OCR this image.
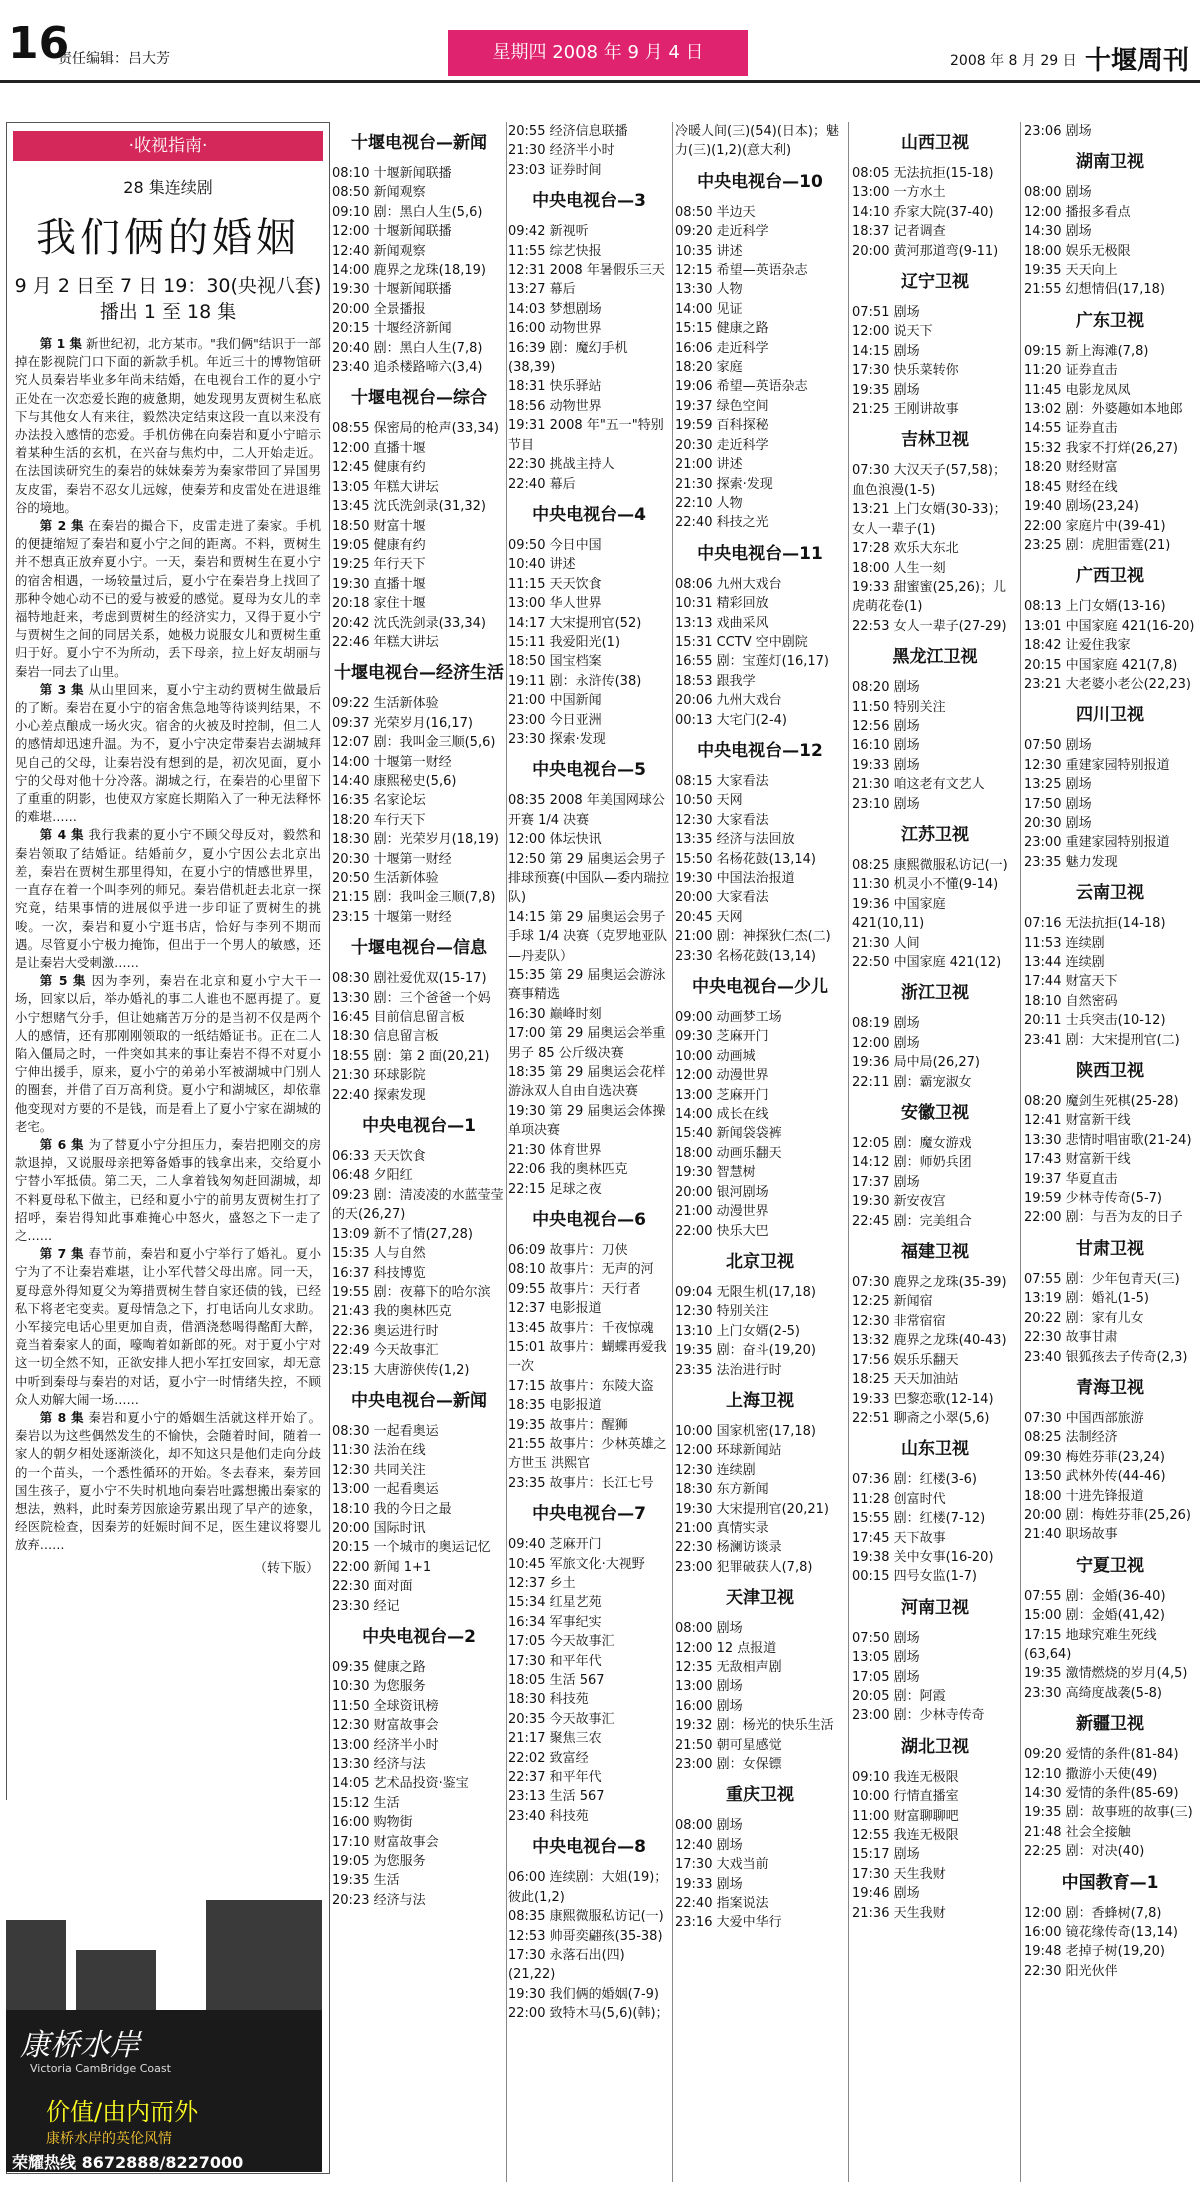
16
责任编辑：吕大芳	星期四 2008 年 9 月 4 日	2008 年 8 月 29 日 十堰周刊
·收视指南·
28 集连续剧
我们俩的婚姻
9 月 2 日至 7 日 19：30(央视八套)
播出 1 至 18 集

第 1 集 新世纪初，北方某市。"我们俩"结识于一部掉在影视院门口下面的新款手机。年近三十的博物馆研究人员秦岩毕业多年尚未结婚，在电视台工作的夏小宁正处在一次恋爱长跑的疲惫期，她发现男友贾树生私底下与其他女人有来往，毅然决定结束这段一直以来没有办法投入感情的恋爱。手机仿佛在向秦岩和夏小宁暗示着某种生活的玄机，在兴奋与焦灼中，二人开始走近。在法国读研究生的秦岩的妹妹秦芳为秦家带回了异国男友皮雷，秦岩不忍女儿远嫁，使秦芳和皮雷处在进退维谷的境地。

第 2 集 在秦岩的撮合下，皮雷走进了秦家。手机的便捷缩短了秦岩和夏小宁之间的距离。不料，贾树生并不想真正放弃夏小宁。一天，秦岩和贾树生在夏小宁的宿舍相遇，一场较量过后，夏小宁在秦岩身上找回了那种令她心动不已的爱与被爱的感觉。夏母为女儿的幸福特地赶来，考虑到贾树生的经济实力，又得于夏小宁与贾树生之间的同居关系，她极力说服女儿和贾树生重归于好。夏小宁不为所动，丢下母亲，拉上好友胡丽与秦岩一同去了山里。

第 3 集 从山里回来，夏小宁主动约贾树生做最后的了断。秦岩在夏小宁的宿舍焦急地等待谈判结果，不小心差点酿成一场火灾。宿舍的火被及时控制，但二人的感情却迅速升温。为不，夏小宁决定带秦岩去湖城拜见自己的父母，让秦岩没有想到的是，初次见面，夏小宁的父母对他十分冷落。湖城之行，在秦岩的心里留下了重重的阴影，也使双方家庭长期陷入了一种无法释怀的难堪……

第 4 集 我行我素的夏小宁不顾父母反对，毅然和秦岩领取了结婚证。结婚前夕，夏小宁因公去北京出差，秦岩在贾树生那里得知，在夏小宁的情感世界里，一直存在着一个叫李列的师兄。秦岩借机赶去北京一探究竟，结果事情的进展似乎进一步印证了贾树生的挑唆。一次，秦岩和夏小宁逛书店，恰好与李列不期而遇。尽管夏小宁极力掩饰，但出于一个男人的敏感，还是让秦岩大受刺激……

第 5 集 因为李列，秦岩在北京和夏小宁大干一场，回家以后，举办婚礼的事二人谁也不愿再提了。夏小宁想赌气分手，但让她痛苦万分的是当初不仅是两个人的感情，还有那刚刚领取的一纸结婚证书。正在二人陷入僵局之时，一件突如其来的事让秦岩不得不对夏小宁伸出援手，原来，夏小宁的弟弟小军被湖城中门别人的圈套，并借了百万高利贷。夏小宁和湖城区，却依靠他变现对方要的不是钱，而是看上了夏小宁家在湖城的老宅。

第 6 集 为了替夏小宁分担压力，秦岩把刚交的房款退掉，又说服母亲把筹备婚事的钱拿出来，交给夏小宁替小军抵债。第二天，二人拿着钱匆匆赶回湖城，却不料夏母私下做主，已经和夏小宁的前男友贾树生打了招呼，秦岩得知此事难掩心中怒火，盛怒之下一走了之……

第 7 集 春节前，秦岩和夏小宁举行了婚礼。夏小宁为了不让秦岩难堪，让小军代替父母出席。同一天，夏母意外得知夏父为筹措贾树生替自家还债的钱，已经私下将老宅变卖。夏母情急之下，打电话向儿女求助。小军接完电话心里更加自责，借酒浇愁喝得酩酊大醉，竟当着秦家人的面，嚎啕着如新郎的死。对于夏小宁对这一切全然不知，正欲安排人把小军扛安回家，却无意中听到秦母与秦岩的对话，夏小宁一时情绪失控，不顾众人劝解大闹一场……

第 8 集 秦岩和夏小宁的婚姻生活就这样开始了。秦岩以为这些偶然发生的不愉快，会随着时间，随着一家人的朝夕相处逐渐淡化，却不知这只是他们走向分歧的一个苗头，一个悉性循环的开始。冬去春来，秦芳回国生孩子，夏小宁不失时机地向秦岩吐露想搬出秦家的想法，熟料，此时秦芳因旅途劳累出现了早产的迹象，经医院检查，因秦芳的妊娠时间不足，医生建议将婴儿放弃……

（转下版）
康桥水岸
Victoria CamBridge Coast
价值/由内而外
康桥水岸的英伦风情
荣耀热线 8672888/8227000
十堰电视台—新闻
08:10 十堰新闻联播
08:50 新闻观察
09:10 剧：黑白人生(5,6)
12:00 十堰新闻联播
12:40 新闻观察
14:00 鹿界之龙珠(18,19)
19:30 十堰新闻联播
20:00 全景播报
20:15 十堰经济新闻
20:40 剧：黑白人生(7,8)
23:40 追杀楼路啼六(3,4)
十堰电视台—综合
08:55 保密局的枪声(33,34)
12:00 直播十堰
12:45 健康有约
13:05 年糕大讲坛
13:45 沈氏洗剑录(31,32)
18:50 财富十堰
19:05 健康有约
19:25 年行天下
19:30 直播十堰
20:18 家住十堰
20:42 沈氏洗剑录(33,34)
22:46 年糕大讲坛
十堰电视台—经济生活
09:22 生活新体验
09:37 光荣岁月(16,17)
12:07 剧：我叫金三顺(5,6)
14:00 十堰第一财经
14:40 康熙秘史(5,6)
16:35 名家论坛
18:20 车行天下
18:30 剧：光荣岁月(18,19)
20:30 十堰第一财经
20:50 生活新体验
21:15 剧：我叫金三顺(7,8)
23:15 十堰第一财经
十堰电视台—信息
08:30 剧社爱优双(15-17)
13:30 剧：三个爸爸一个妈
16:45 目前信息留言板
18:30 信息留言板
18:55 剧：第 2 面(20,21)
21:30 环球影院
22:40 探索发现
中央电视台—1
06:33 天天饮食
06:48 夕阳红
09:23 剧：清凌凌的水蓝莹莹的天(26,27)
13:09 新不了情(27,28)
15:35 人与自然
16:37 科技博览
19:55 剧：夜幕下的哈尔滨
21:43 我的奥林匹克
22:36 奥运进行时
22:49 今天故事汇
23:15 大唐游侠传(1,2)
中央电视台—新闻
08:30 一起看奥运
11:30 法治在线
12:30 共同关注
13:00 一起看奥运
18:10 我的今日之最
20:00 国际时讯
20:15 一个城市的奥运记忆
22:00 新闻 1+1
22:30 面对面
23:30 经记
中央电视台—2
09:35 健康之路
10:30 为您服务
11:50 全球资讯榜
12:30 财富故事会
13:00 经济半小时
13:30 经济与法
14:05 艺术品投资·鉴宝
15:12 生活
16:00 购物街
17:10 财富故事会
19:05 为您服务
19:35 生活
20:23 经济与法
20:55 经济信息联播
21:30 经济半小时
23:03 证券时间
中央电视台—3
09:42 新视听
11:55 综艺快报
12:31 2008 年暑假乐三天
13:27 幕后
14:03 梦想剧场
16:00 动物世界
16:39 剧：魔幻手机(38,39)
18:31 快乐驿站
18:56 动物世界
19:31 2008 年"五一"特别节目
22:30 挑战主持人
22:40 幕后
中央电视台—4
09:50 今日中国
10:40 讲述
11:15 天天饮食
13:00 华人世界
14:17 大宋提刑官(52)
15:11 我爱阳光(1)
18:50 国宝档案
19:11 剧：永浒传(38)
21:00 中国新闻
23:00 今日亚洲
23:30 探索·发现
中央电视台—5
08:35 2008 年美国网球公开赛 1/4 决赛
12:00 体坛快讯
12:50 第 29 届奥运会男子排球预赛(中国队—委内瑞拉队)
14:15 第 29 届奥运会男子手球 1/4 决赛（克罗地亚队—丹麦队）
15:35 第 29 届奥运会游泳赛事精选
16:30 巅峰时刻
17:00 第 29 届奥运会举重男子 85 公斤级决赛
18:35 第 29 届奥运会花样游泳双人自由自选决赛
19:30 第 29 届奥运会体操单项决赛
21:30 体育世界
22:06 我的奥林匹克
22:15 足球之夜
中央电视台—6
06:09 故事片：刀侠
08:10 故事片：无声的河
09:55 故事片：天行者
12:37 电影报道
13:45 故事片：千夜惊魂
15:01 故事片：蝴蝶再爱我一次
17:15 故事片：东陵大盗
18:35 电影报道
19:35 故事片：醒狮
21:55 故事片：少林英雄之方世玉 洪熙官
23:35 故事片：长江七号
中央电视台—7
09:40 芝麻开门
10:45 军旅文化·大视野
12:37 乡土
15:34 红星艺苑
16:34 军事纪实
17:05 今天故事汇
17:30 和平年代
18:05 生活 567
18:30 科技苑
20:35 今天故事汇
21:17 聚焦三农
22:02 致富经
22:37 和平年代
23:13 生活 567
23:40 科技苑
中央电视台—8
06:00 连续剧：大姐(19)；彼此(1,2)
08:35 康熙微服私访记(一)
12:53 帅哥奕翩孩(35-38)
17:30 永落石出(四)(21,22)
19:30 我们俩的婚姻(7-9)
22:00 致特木马(5,6)(韩)；
冷暖人间(三)(54)(日本)；魅力(三)(1,2)(意大利)
中央电视台—10
08:50 半边天
09:20 走近科学
10:35 讲述
12:15 希望—英语杂志
13:30 人物
14:00 见证
15:15 健康之路
16:06 走近科学
18:20 家庭
19:06 希望—英语杂志
19:37 绿色空间
19:59 百科探秘
20:30 走近科学
21:00 讲述
21:30 探索·发现
22:10 人物
22:40 科技之光
中央电视台—11
08:06 九州大戏台
10:31 精彩回放
13:13 戏曲采风
15:31 CCTV 空中剧院
16:55 剧：宝莲灯(16,17)
18:53 跟我学
20:06 九州大戏台
00:13 大宅门(2-4)
中央电视台—12
08:15 大家看法
10:50 天网
12:30 大家看法
13:35 经济与法回放
15:50 名杨花鼓(13,14)
19:30 中国法治报道
20:00 大家看法
20:45 天网
21:00 剧：神探狄仁杰(二)
23:30 名杨花鼓(13,14)
中央电视台—少儿
09:00 动画梦工场
09:30 芝麻开门
10:00 动画城
12:00 动漫世界
13:00 芝麻开门
14:00 成长在线
15:40 新闻袋袋裤
18:00 动画乐翻天
19:30 智慧树
20:00 银河剧场
21:00 动漫世界
22:00 快乐大巴
北京卫视
09:04 无限生机(17,18)
12:30 特别关注
13:10 上门女婿(2-5)
19:35 剧：奋斗(19,20)
23:35 法治进行时
上海卫视
10:00 国家机密(17,18)
12:00 环球新闻站
12:30 连续剧
18:30 东方新闻
19:30 大宋提刑官(20,21)
21:00 真情实录
22:30 杨澜访谈录
23:00 犯罪破获人(7,8)
天津卫视
08:00 剧场
12:00 12 点报道
12:35 无敌相声剧
13:00 剧场
16:00 剧场
19:32 剧：杨光的快乐生活
21:50 朝可星感觉
23:00 剧：女保镖
重庆卫视
08:00 剧场
12:40 剧场
17:30 大戏当前
19:33 剧场
22:40 指案说法
23:16 大爱中华行
山西卫视
08:05 无法抗拒(15-18)
13:00 一方水土
14:10 乔家大院(37-40)
18:37 记者调查
20:00 黄河那道弯(9-11)
辽宁卫视
07:51 剧场
12:00 说天下
14:15 剧场
17:30 快乐菜转你
19:35 剧场
21:25 王刚讲故事
吉林卫视
07:30 大汉天子(57,58)；血色浪漫(1-5)
13:21 上门女婿(30-33)；女人一辈子(1)
17:28 欢乐大东北
18:00 人生一刻
19:33 甜蜜蜜(25,26)；儿虎萌花卷(1)
22:53 女人一辈子(27-29)
黑龙江卫视
08:20 剧场
11:50 特别关注
12:56 剧场
16:10 剧场
19:33 剧场
21:30 咱这老有文艺人
23:10 剧场
江苏卫视
08:25 康熙微服私访记(一)
11:30 机灵小不懂(9-14)
19:36 中国家庭 421(10,11)
21:30 人间
22:50 中国家庭 421(12)
浙江卫视
08:19 剧场
12:00 剧场
19:36 局中局(26,27)
22:11 剧：霸宠淑女
安徽卫视
12:05 剧：魔女游戏
14:12 剧：师奶兵团
17:37 剧场
19:30 新安夜宫
22:45 剧：完美组合
福建卫视
07:30 鹿界之龙珠(35-39)
12:25 新闻宿
12:30 非常宿宿
13:32 鹿界之龙珠(40-43)
17:56 娱乐乐翻天
18:25 天天加油站
19:33 巴黎恋歌(12-14)
22:51 聊斋之小翠(5,6)
山东卫视
07:36 剧：红楼(3-6)
11:28 创富时代
15:55 剧：红楼(7-12)
17:45 天下故事
19:38 关中女事(16-20)
00:15 四号女监(1-7)
河南卫视
07:50 剧场
13:05 剧场
17:05 剧场
20:05 剧：阿霞
23:00 剧：少林寺传奇
湖北卫视
09:10 我连无极限
10:00 行情直播室
11:00 财富聊聊吧
12:55 我连无极限
15:17 剧场
17:30 天生我财
19:46 剧场
21:36 天生我财
23:06 剧场
湖南卫视
08:00 剧场
12:00 播报多看点
14:30 剧场
18:00 娱乐无极限
19:35 天天向上
21:55 幻想情侣(17,18)
广东卫视
09:15 新上海滩(7,8)
11:20 证券直击
11:45 电影龙凤凤
13:02 剧：外婆趣如本地郎
14:55 证券直击
15:32 我家不打烊(26,27)
18:20 财经财富
18:45 财经在线
19:40 剧场(23,24)
22:00 家庭片中(39-41)
23:25 剧：虎胆雷霆(21)
广西卫视
08:13 上门女婿(13-16)
13:01 中国家庭 421(16-20)
18:42 让爱住我家
20:15 中国家庭 421(7,8)
23:21 大老婆小老公(22,23)
四川卫视
07:50 剧场
12:30 重建家园特别报道
13:25 剧场
17:50 剧场
20:30 剧场
23:00 重建家园特别报道
23:35 魅力发现
云南卫视
07:16 无法抗拒(14-18)
11:53 连续剧
13:44 连续剧
17:44 财富天下
18:10 自然密码
20:11 士兵突击(10-12)
23:41 剧：大宋提刑官(二)
陕西卫视
08:20 魔剑生死棋(25-28)
12:41 财富新干线
13:30 悲情时唱宙歌(21-24)
17:43 财富新干线
19:37 华夏直击
19:59 少林寺传奇(5-7)
22:00 剧：与吾为友的日子
甘肃卫视
07:55 剧：少年包青天(三)
13:19 剧：婚礼(1-5)
20:22 剧：家有儿女
22:30 故事甘肃
23:40 银狐孩去子传奇(2,3)
青海卫视
07:30 中国西部旅游
08:25 法制经济
09:30 梅姓芬菲(23,24)
13:50 武林外传(44-46)
18:00 十进先锋报道
20:00 剧：梅姓芬菲(25,26)
21:40 职场故事
宁夏卫视
07:55 剧：金婚(36-40)
15:00 剧：金婚(41,42)
17:15 地球究难生死线(63,64)
19:35 激情燃烧的岁月(4,5)
23:30 高绮度战袭(5-8)
新疆卫视
09:20 爱情的条件(81-84)
12:10 撒游小天使(49)
14:30 爱情的条件(85-69)
19:35 剧：故事班的故事(三)
21:48 社会全接触
22:25 剧：对决(40)
中国教育—1
12:00 剧：香蜂树(7,8)
16:00 镜花缘传奇(13,14)
19:48 老掉子树(19,20)
22:30 阳光伙伴
